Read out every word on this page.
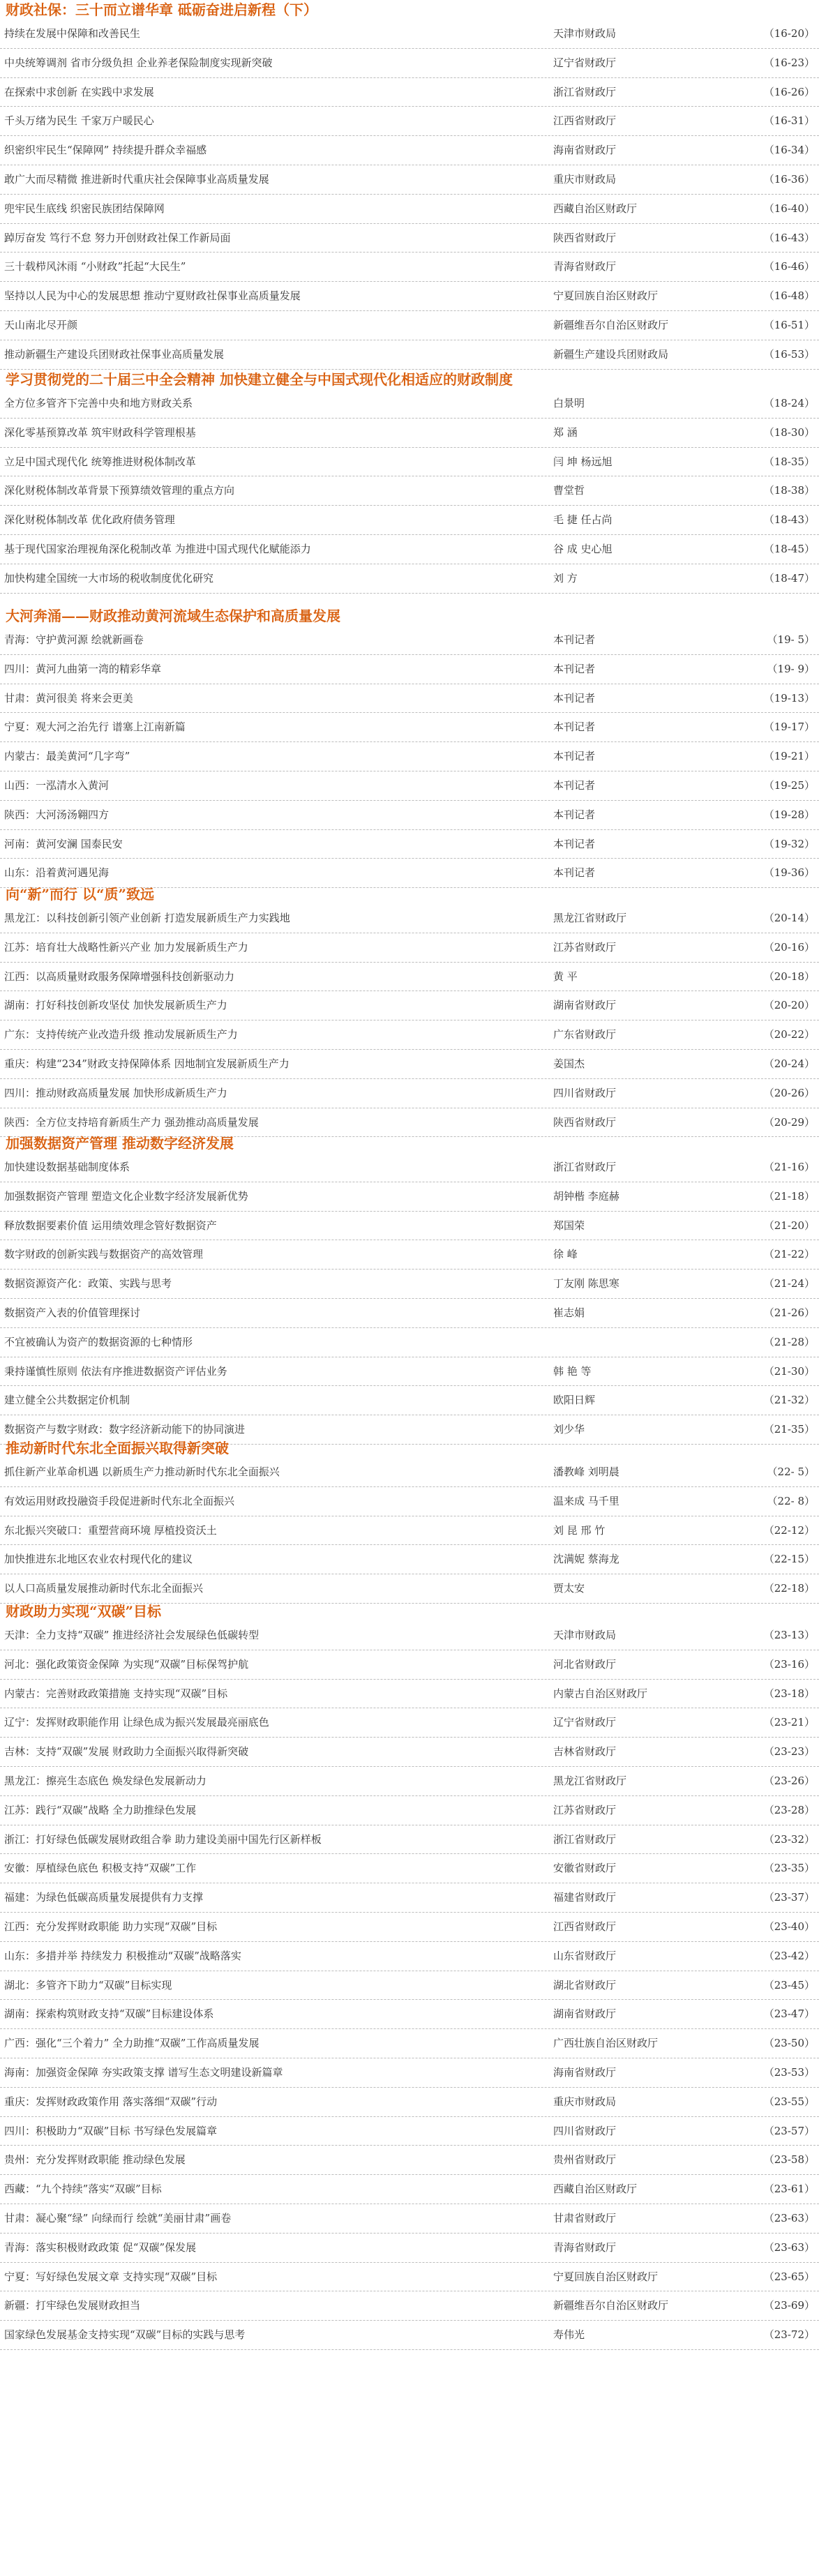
财政社保：三十而立谱华章 砥砺奋进启新程（下）
持续在发展中保障和改善民生	天津市财政局	（16-20）
中央统筹调剂 省市分级负担 企业养老保险制度实现新突破	辽宁省财政厅	（16-23）
在探索中求创新 在实践中求发展	浙江省财政厅	（16-26）
千头万绪为民生 千家万户暖民心	江西省财政厅	（16-31）
织密织牢民生“保障网” 持续提升群众幸福感	海南省财政厅	（16-34）
敢广大而尽精微 推进新时代重庆社会保障事业高质量发展	重庆市财政局	（16-36）
兜牢民生底线 织密民族团结保障网	西藏自治区财政厅	（16-40）
踔厉奋发 笃行不怠 努力开创财政社保工作新局面	陕西省财政厅	（16-43）
三十载栉风沐雨 “小财政”托起“大民生”	青海省财政厅	（16-46）
坚持以人民为中心的发展思想 推动宁夏财政社保事业高质量发展	宁夏回族自治区财政厅	（16-48）
天山南北尽开颜	新疆维吾尔自治区财政厅	（16-51）
推动新疆生产建设兵团财政社保事业高质量发展	新疆生产建设兵团财政局	（16-53）
学习贯彻党的二十届三中全会精神 加快建立健全与中国式现代化相适应的财政制度
全方位多管齐下完善中央和地方财政关系	白景明	（18-24）
深化零基预算改革 筑牢财政科学管理根基	郑 涵	（18-30）
立足中国式现代化 统筹推进财税体制改革	闫 坤 杨远旭	（18-35）
深化财税体制改革背景下预算绩效管理的重点方向	曹堂哲	（18-38）
深化财税体制改革 优化政府债务管理	毛 捷 任占尚	（18-43）
基于现代国家治理视角深化税制改革 为推进中国式现代化赋能添力	谷 成 史心旭	（18-45）
加快构建全国统一大市场的税收制度优化研究	刘 方	（18-47）
大河奔涌——财政推动黄河流域生态保护和高质量发展
青海：守护黄河源 绘就新画卷	本刊记者	（19- 5）
四川：黄河九曲第一湾的精彩华章	本刊记者	（19- 9）
甘肃：黄河很美 将来会更美	本刊记者	（19-13）
宁夏：观大河之治先行 谱塞上江南新篇	本刊记者	（19-17）
内蒙古：最美黄河“几字弯”	本刊记者	（19-21）
山西：一泓清水入黄河	本刊记者	（19-25）
陕西：大河汤汤翱四方	本刊记者	（19-28）
河南：黄河安澜 国泰民安	本刊记者	（19-32）
山东：沿着黄河遇见海	本刊记者	（19-36）
向“新”而行 以“质”致远
黑龙江：以科技创新引领产业创新 打造发展新质生产力实践地	黑龙江省财政厅	（20-14）
江苏：培育壮大战略性新兴产业 加力发展新质生产力	江苏省财政厅	（20-16）
江西：以高质量财政服务保障增强科技创新驱动力	黄 平	（20-18）
湖南：打好科技创新攻坚仗 加快发展新质生产力	湖南省财政厅	（20-20）
广东：支持传统产业改造升级 推动发展新质生产力	广东省财政厅	（20-22）
重庆：构建“234”财政支持保障体系 因地制宜发展新质生产力	姜国杰	（20-24）
四川：推动财政高质量发展 加快形成新质生产力	四川省财政厅	（20-26）
陕西：全方位支持培育新质生产力 强劲推动高质量发展	陕西省财政厅	（20-29）
加强数据资产管理 推动数字经济发展
加快建设数据基础制度体系	浙江省财政厅	（21-16）
加强数据资产管理 塑造文化企业数字经济发展新优势	胡钟楷 李庭赫	（21-18）
释放数据要素价值 运用绩效理念管好数据资产	郑国荣	（21-20）
数字财政的创新实践与数据资产的高效管理	徐 峰	（21-22）
数据资源资产化：政策、实践与思考	丁友刚 陈思寒	（21-24）
数据资产入表的价值管理探讨	崔志娟	（21-26）
不宜被确认为资产的数据资源的七种情形	（21-28）
秉持谨慎性原则 依法有序推进数据资产评估业务	韩 艳 等	（21-30）
建立健全公共数据定价机制	欧阳日辉	（21-32）
数据资产与数字财政：数字经济新动能下的协同演进	刘少华	（21-35）
推动新时代东北全面振兴取得新突破
抓住新产业革命机遇 以新质生产力推动新时代东北全面振兴	潘教峰 刘明晨	（22- 5）
有效运用财政投融资手段促进新时代东北全面振兴	温来成 马千里	（22- 8）
东北振兴突破口：重塑营商环境 厚植投资沃土	刘 昆 邢 竹	（22-12）
加快推进东北地区农业农村现代化的建议	沈满妮 蔡海龙	（22-15）
以人口高质量发展推动新时代东北全面振兴	贾太安	（22-18）
财政助力实现“双碳”目标
天津：全力支持“双碳” 推进经济社会发展绿色低碳转型	天津市财政局	（23-13）
河北：强化政策资金保障 为实现“双碳”目标保驾护航	河北省财政厅	（23-16）
内蒙古：完善财政政策措施 支持实现“双碳”目标	内蒙古自治区财政厅	（23-18）
辽宁：发挥财政职能作用 让绿色成为振兴发展最亮丽底色	辽宁省财政厅	（23-21）
吉林：支持“双碳”发展 财政助力全面振兴取得新突破	吉林省财政厅	（23-23）
黑龙江：擦亮生态底色 焕发绿色发展新动力	黑龙江省财政厅	（23-26）
江苏：践行“双碳”战略 全力助推绿色发展	江苏省财政厅	（23-28）
浙江：打好绿色低碳发展财政组合拳 助力建设美丽中国先行区新样板	浙江省财政厅	（23-32）
安徽：厚植绿色底色 积极支持“双碳”工作	安徽省财政厅	（23-35）
福建：为绿色低碳高质量发展提供有力支撑	福建省财政厅	（23-37）
江西：充分发挥财政职能 助力实现“双碳”目标	江西省财政厅	（23-40）
山东：多措并举 持续发力 积极推动“双碳”战略落实	山东省财政厅	（23-42）
湖北：多管齐下助力“双碳”目标实现	湖北省财政厅	（23-45）
湖南：探索构筑财政支持“双碳”目标建设体系	湖南省财政厅	（23-47）
广西：强化“三个着力” 全力助推“双碳”工作高质量发展	广西壮族自治区财政厅	（23-50）
海南：加强资金保障 夯实政策支撑 谱写生态文明建设新篇章	海南省财政厅	（23-53）
重庆：发挥财政政策作用 落实落细“双碳”行动	重庆市财政局	（23-55）
四川：积极助力“双碳”目标 书写绿色发展篇章	四川省财政厅	（23-57）
贵州：充分发挥财政职能 推动绿色发展	贵州省财政厅	（23-58）
西藏：“九个持续”落实“双碳”目标	西藏自治区财政厅	（23-61）
甘肃：凝心聚“绿” 向绿而行 绘就“美丽甘肃”画卷	甘肃省财政厅	（23-63）
青海：落实积极财政政策 促“双碳”保发展	青海省财政厅	（23-63）
宁夏：写好绿色发展文章 支持实现“双碳”目标	宁夏回族自治区财政厅	（23-65）
新疆：打牢绿色发展财政担当	新疆维吾尔自治区财政厅	（23-69）
国家绿色发展基金支持实现“双碳”目标的实践与思考	寿伟光	（23-72）
